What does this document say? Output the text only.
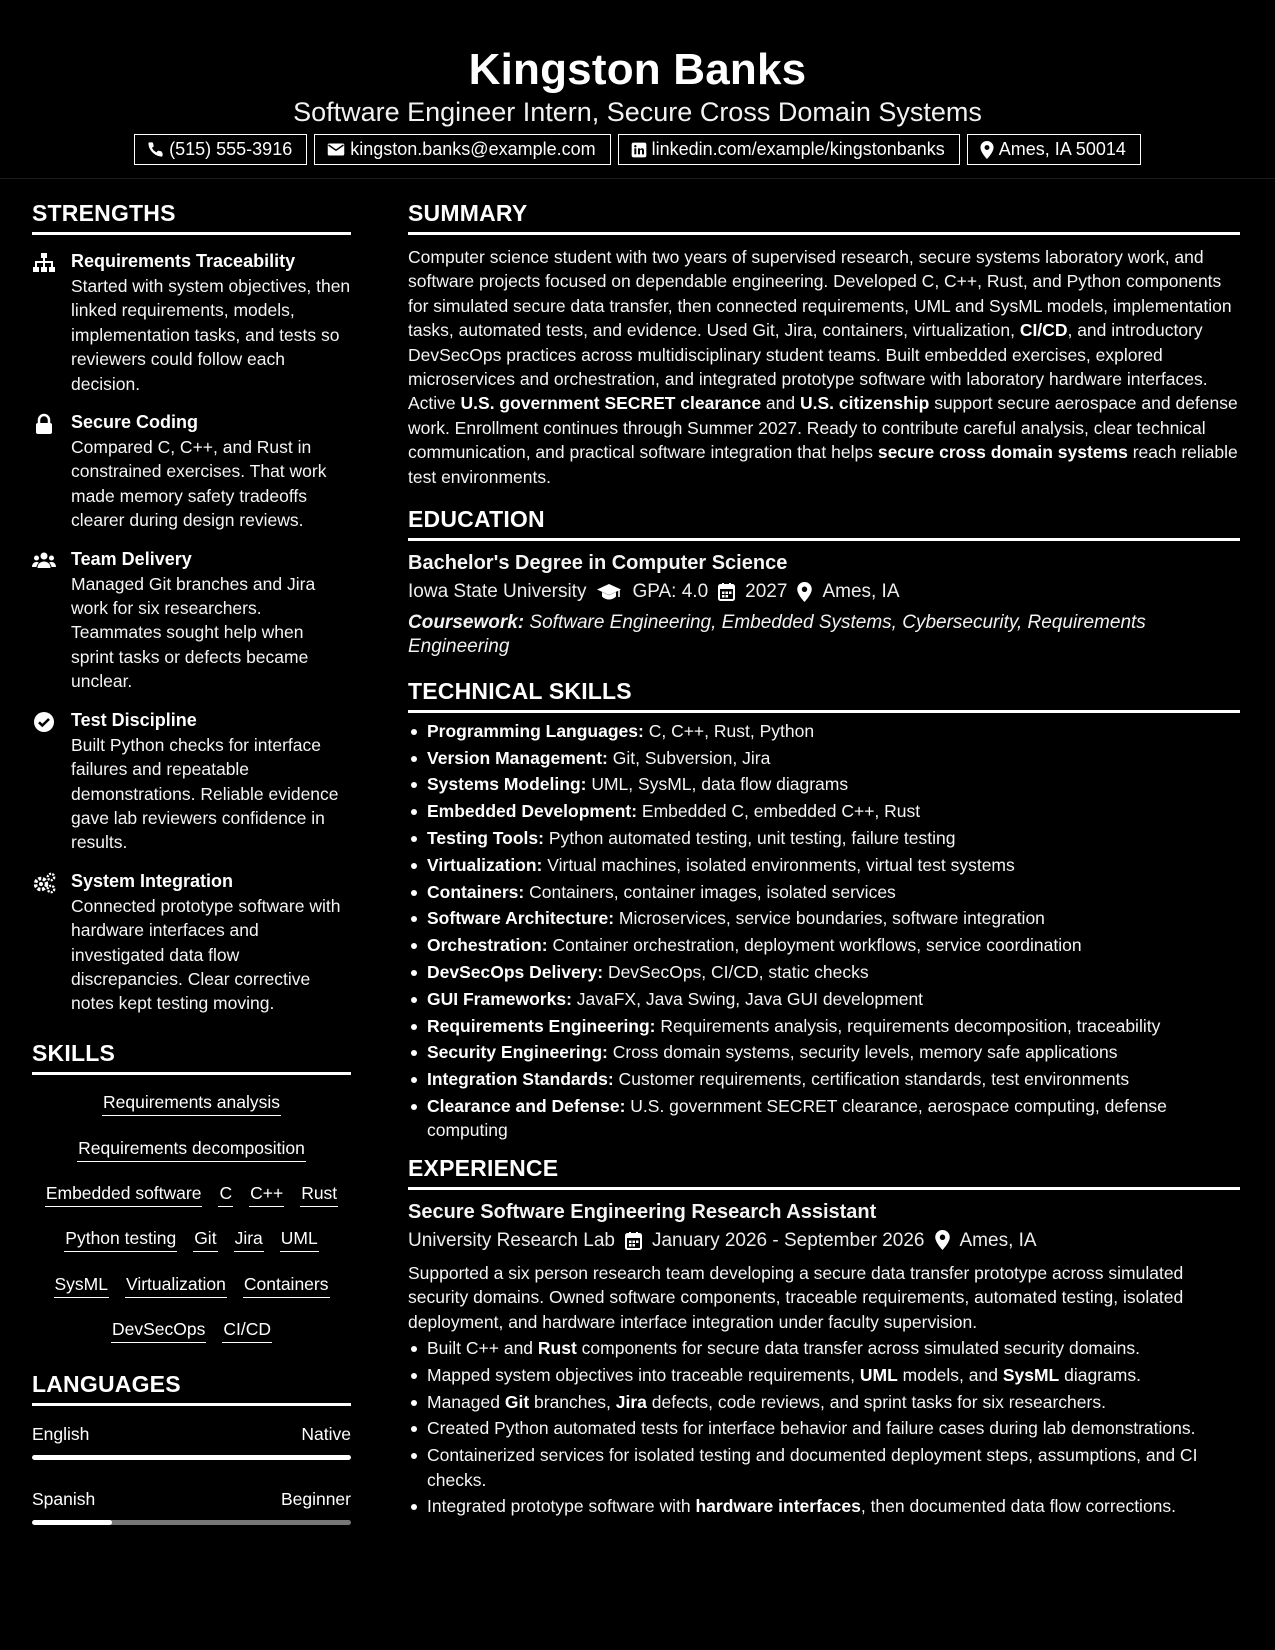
Kingston Banks
Software Engineer Intern, Secure Cross Domain Systems
(515) 555-3916	kingston.banks@example.com	linkedin.com/example/kingstonbanks	Ames, IA 50014
STRENGTHS
Requirements Traceability
Started with system objectives, then linked requirements, models, implementation tasks, and tests so reviewers could follow each decision.
Secure Coding
Compared C, C++, and Rust in constrained exercises. That work made memory safety tradeoffs clearer during design reviews.
Team Delivery
Managed Git branches and Jira work for six researchers. Teammates sought help when sprint tasks or defects became unclear.
Test Discipline
Built Python checks for interface failures and repeatable demonstrations. Reliable evidence gave lab reviewers confidence in results.
System Integration
Connected prototype software with hardware interfaces and investigated data flow discrepancies. Clear corrective notes kept testing moving.
SKILLS
Requirements analysis
Requirements decomposition
Embedded software C C++ Rust
Python testing Git Jira UML
SysML Virtualization Containers
DevSecOps CI/CD
LANGUAGES
English	Native
Spanish	Beginner
SUMMARY
Computer science student with two years of supervised research, secure systems laboratory work, and software projects focused on dependable engineering. Developed C, C++, Rust, and Python components for simulated secure data transfer, then connected requirements, UML and SysML models, implementation tasks, automated tests, and evidence. Used Git, Jira, containers, virtualization, CI/CD, and introductory DevSecOps practices across multidisciplinary student teams. Built embedded exercises, explored microservices and orchestration, and integrated prototype software with laboratory hardware interfaces. Active U.S. government SECRET clearance and U.S. citizenship support secure aerospace and defense work. Enrollment continues through Summer 2027. Ready to contribute careful analysis, clear technical communication, and practical software integration that helps secure cross domain systems reach reliable test environments.
EDUCATION
Bachelor's Degree in Computer Science
Iowa State University GPA: 4.0 2027 Ames, IA
Coursework: Software Engineering, Embedded Systems, Cybersecurity, Requirements Engineering
TECHNICAL SKILLS
Programming Languages: C, C++, Rust, Python
Version Management: Git, Subversion, Jira
Systems Modeling: UML, SysML, data flow diagrams
Embedded Development: Embedded C, embedded C++, Rust
Testing Tools: Python automated testing, unit testing, failure testing
Virtualization: Virtual machines, isolated environments, virtual test systems
Containers: Containers, container images, isolated services
Software Architecture: Microservices, service boundaries, software integration
Orchestration: Container orchestration, deployment workflows, service coordination
DevSecOps Delivery: DevSecOps, CI/CD, static checks
GUI Frameworks: JavaFX, Java Swing, Java GUI development
Requirements Engineering: Requirements analysis, requirements decomposition, traceability
Security Engineering: Cross domain systems, security levels, memory safe applications
Integration Standards: Customer requirements, certification standards, test environments
Clearance and Defense: U.S. government SECRET clearance, aerospace computing, defense computing
EXPERIENCE
Secure Software Engineering Research Assistant
University Research Lab January 2026 - September 2026 Ames, IA
Supported a six person research team developing a secure data transfer prototype across simulated security domains. Owned software components, traceable requirements, automated testing, isolated deployment, and hardware interface integration under faculty supervision.
Built C++ and Rust components for secure data transfer across simulated security domains.
Mapped system objectives into traceable requirements, UML models, and SysML diagrams.
Managed Git branches, Jira defects, code reviews, and sprint tasks for six researchers.
Created Python automated tests for interface behavior and failure cases during lab demonstrations.
Containerized services for isolated testing and documented deployment steps, assumptions, and CI checks.
Integrated prototype software with hardware interfaces, then documented data flow corrections.
